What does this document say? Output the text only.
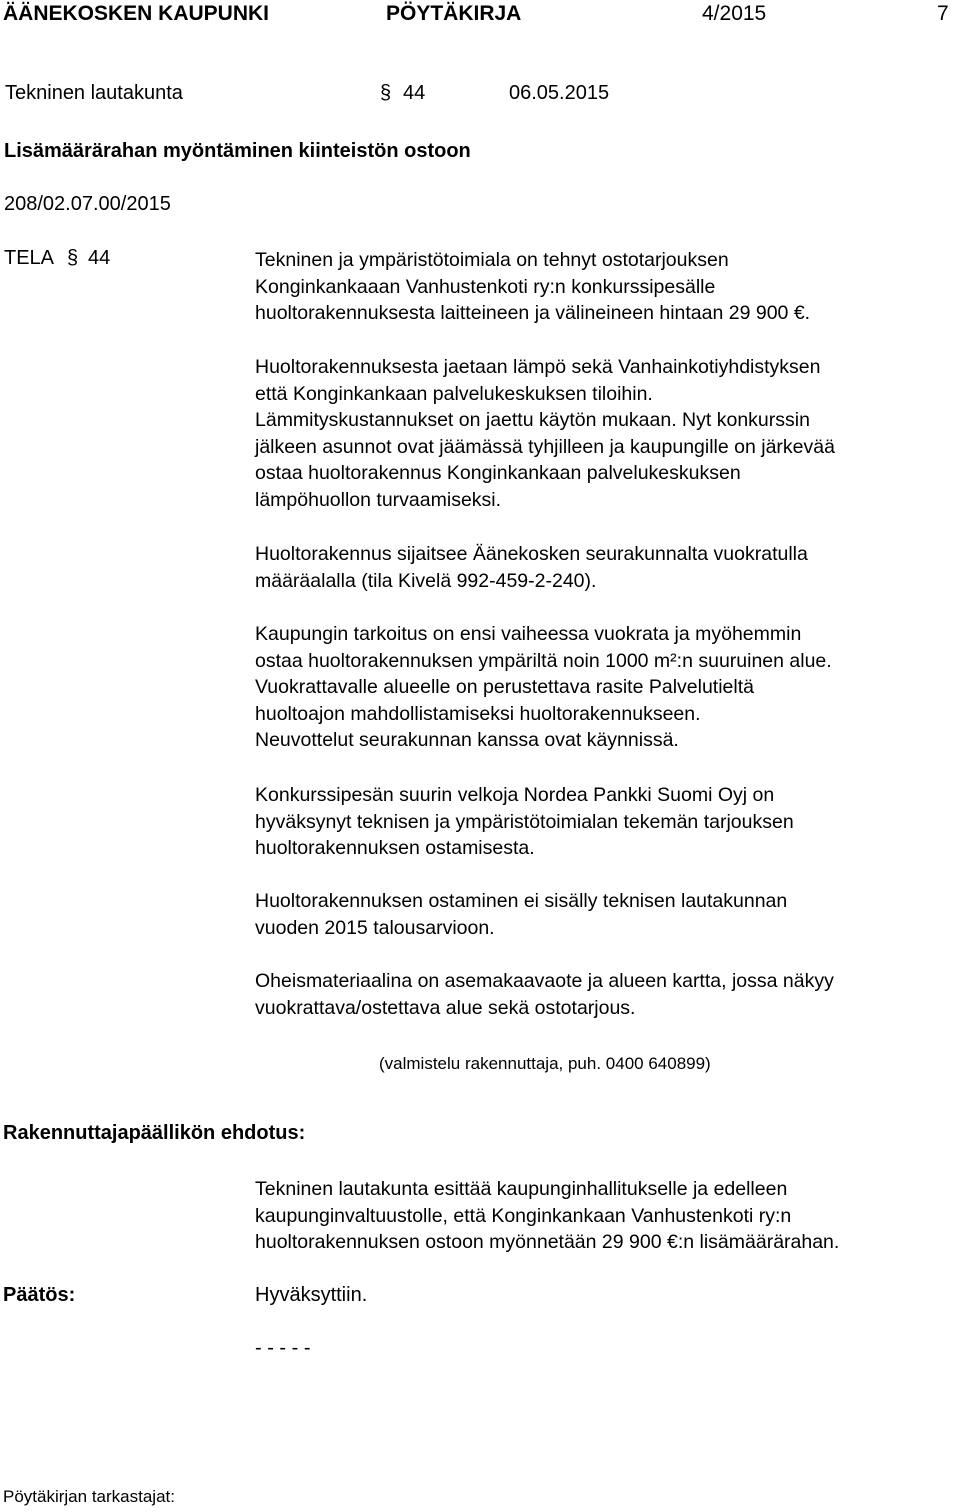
ÄÄNEKOSKEN KAUPUNKI	PÖYTÄKIRJA	4/2015	7
Tekninen lautakunta	§ 44	06.05.2015
Lisämäärärahan myöntäminen kiinteistön ostoon
208/02.07.00/2015
TELA § 44	Tekninen ja ympäristötoimiala on tehnyt ostotarjouksen

Konginkankaaan Vanhustenkoti ry:n konkurssipesälle

huoltorakennuksesta laitteineen ja välineineen hintaan 29 900 €.

Huoltorakennuksesta jaetaan lämpö sekä Vanhainkotiyhdistyksen

että Konginkankaan palvelukeskuksen tiloihin.

Lämmityskustannukset on jaettu käytön mukaan. Nyt konkurssin

jälkeen asunnot ovat jäämässä tyhjilleen ja kaupungille on järkevää

ostaa huoltorakennus Konginkankaan palvelukeskuksen

lämpöhuollon turvaamiseksi.

Huoltorakennus sijaitsee Äänekosken seurakunnalta vuokratulla

määräalalla (tila Kivelä 992-459-2-240).

Kaupungin tarkoitus on ensi vaiheessa vuokrata ja myöhemmin

ostaa huoltorakennuksen ympäriltä noin 1000 m²:n suuruinen alue.

Vuokrattavalle alueelle on perustettava rasite Palvelutieltä

huoltoajon mahdollistamiseksi huoltorakennukseen.

Neuvottelut seurakunnan kanssa ovat käynnissä.

Konkurssipesän suurin velkoja Nordea Pankki Suomi Oyj on

hyväksynyt teknisen ja ympäristötoimialan tekemän tarjouksen

huoltorakennuksen ostamisesta.

Huoltorakennuksen ostaminen ei sisälly teknisen lautakunnan

vuoden 2015 talousarvioon.

Oheismateriaalina on asemakaavaote ja alueen kartta, jossa näkyy

vuokrattava/ostettava alue sekä ostotarjous.

(valmistelu rakennuttaja, puh. 0400 640899)
Rakennuttajapäällikön ehdotus:

Tekninen lautakunta esittää kaupunginhallitukselle ja edelleen

kaupunginvaltuustolle, että Konginkankaan Vanhustenkoti ry:n

huoltorakennuksen ostoon myönnetään 29 900 €:n lisämäärärahan.

Päätös:	Hyväksyttiin.
- - - - -
Pöytäkirjan tarkastajat:
